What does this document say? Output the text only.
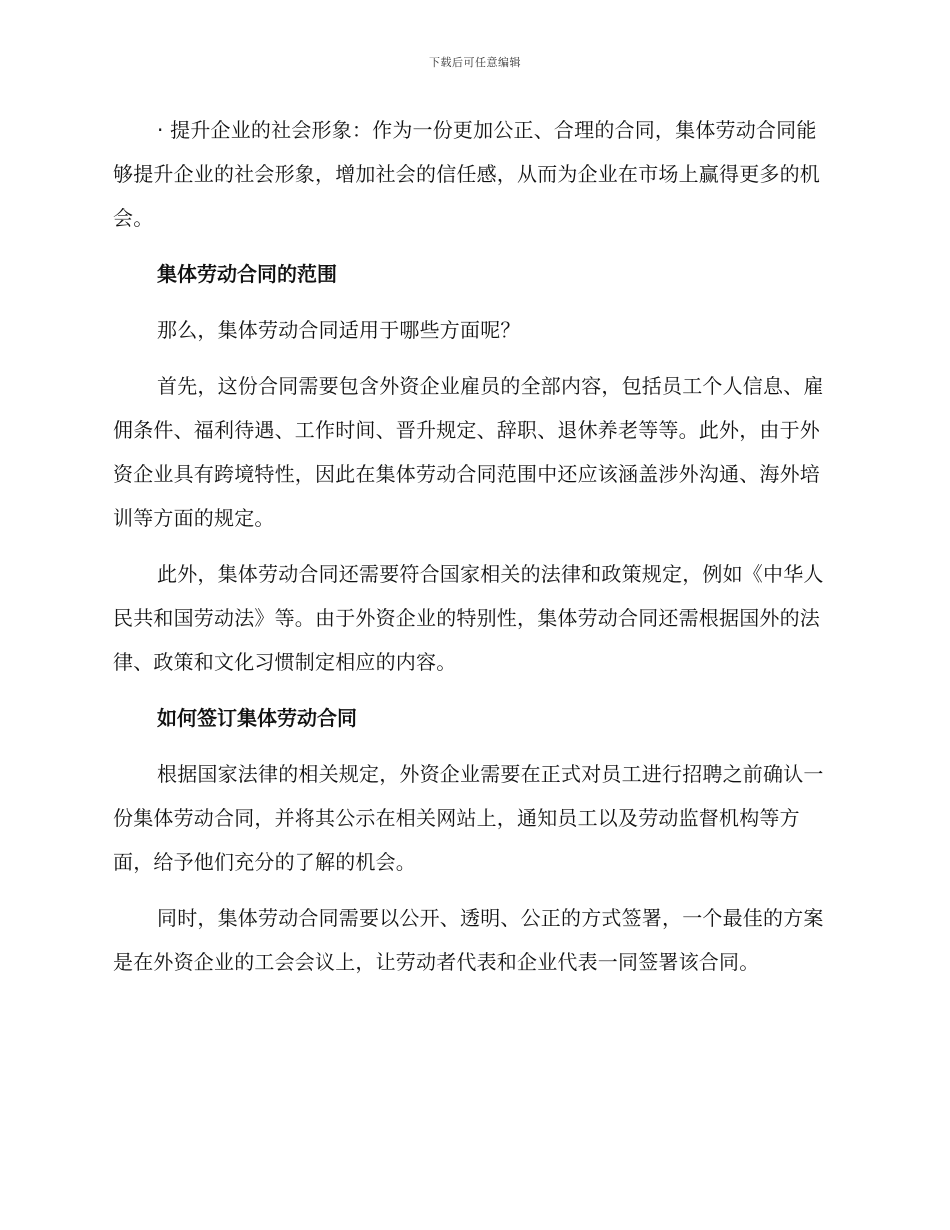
下载后可任意编辑

· 提升企业的社会形象：作为一份更加公正、合理的合同，集体劳动合同能够提升企业的社会形象，增加社会的信任感，从而为企业在市场上赢得更多的机会。

集体劳动合同的范围

那么，集体劳动合同适用于哪些方面呢？

首先，这份合同需要包含外资企业雇员的全部内容，包括员工个人信息、雇佣条件、福利待遇、工作时间、晋升规定、辞职、退休养老等等。此外，由于外资企业具有跨境特性，因此在集体劳动合同范围中还应该涵盖涉外沟通、海外培训等方面的规定。

此外，集体劳动合同还需要符合国家相关的法律和政策规定，例如《中华人民共和国劳动法》等。由于外资企业的特别性，集体劳动合同还需根据国外的法律、政策和文化习惯制定相应的内容。

如何签订集体劳动合同

根据国家法律的相关规定，外资企业需要在正式对员工进行招聘之前确认一份集体劳动合同，并将其公示在相关网站上，通知员工以及劳动监督机构等方面，给予他们充分的了解的机会。

同时，集体劳动合同需要以公开、透明、公正的方式签署，一个最佳的方案是在外资企业的工会会议上，让劳动者代表和企业代表一同签署该合同。
